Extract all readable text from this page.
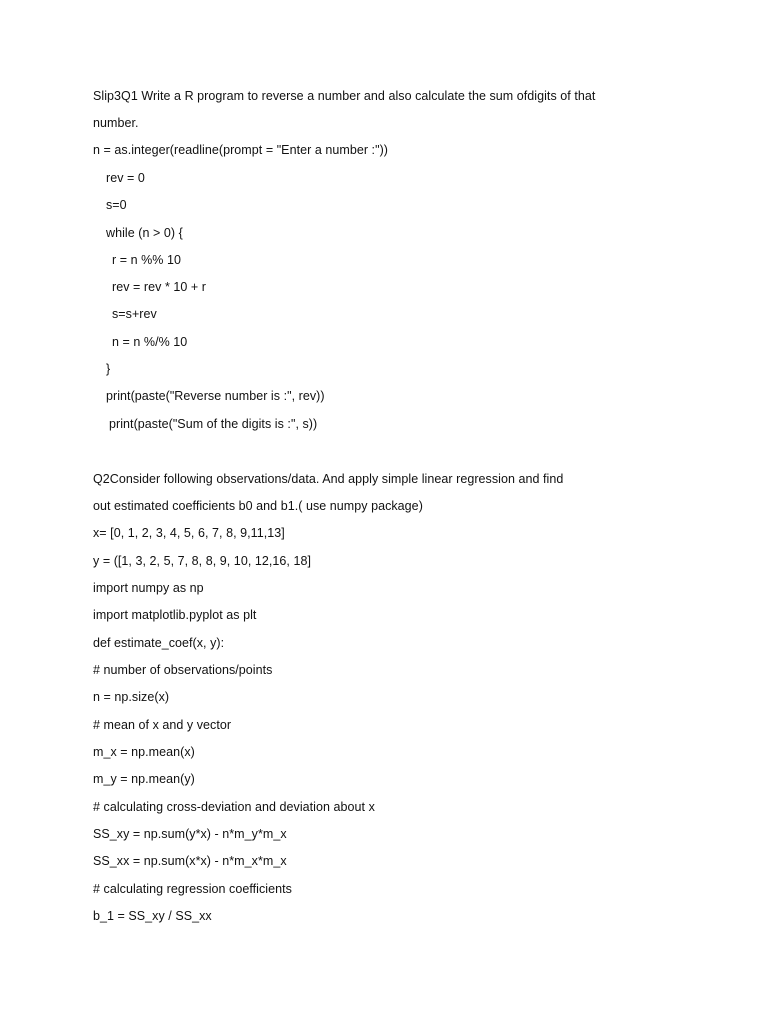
Slip3Q1 Write a R program to reverse a number and also calculate the sum ofdigits of that
number.
n = as.integer(readline(prompt = "Enter a number :"))
rev = 0
s=0
while (n > 0) {
r = n %% 10
rev = rev * 10 + r
s=s+rev
n = n %/% 10
}
print(paste("Reverse number is :", rev))
print(paste("Sum of the digits is :", s))
Q2Consider following observations/data. And apply simple linear regression and find
out estimated coefficients b0 and b1.( use numpy package)
x= [0, 1, 2, 3, 4, 5, 6, 7, 8, 9,11,13]
y = ([1, 3, 2, 5, 7, 8, 8, 9, 10, 12,16, 18]
import numpy as np
import matplotlib.pyplot as plt
def estimate_coef(x, y):
# number of observations/points
n = np.size(x)
# mean of x and y vector
m_x = np.mean(x)
m_y = np.mean(y)
# calculating cross-deviation and deviation about x
SS_xy = np.sum(y*x) - n*m_y*m_x
SS_xx = np.sum(x*x) - n*m_x*m_x
# calculating regression coefficients
b_1 = SS_xy / SS_xx
